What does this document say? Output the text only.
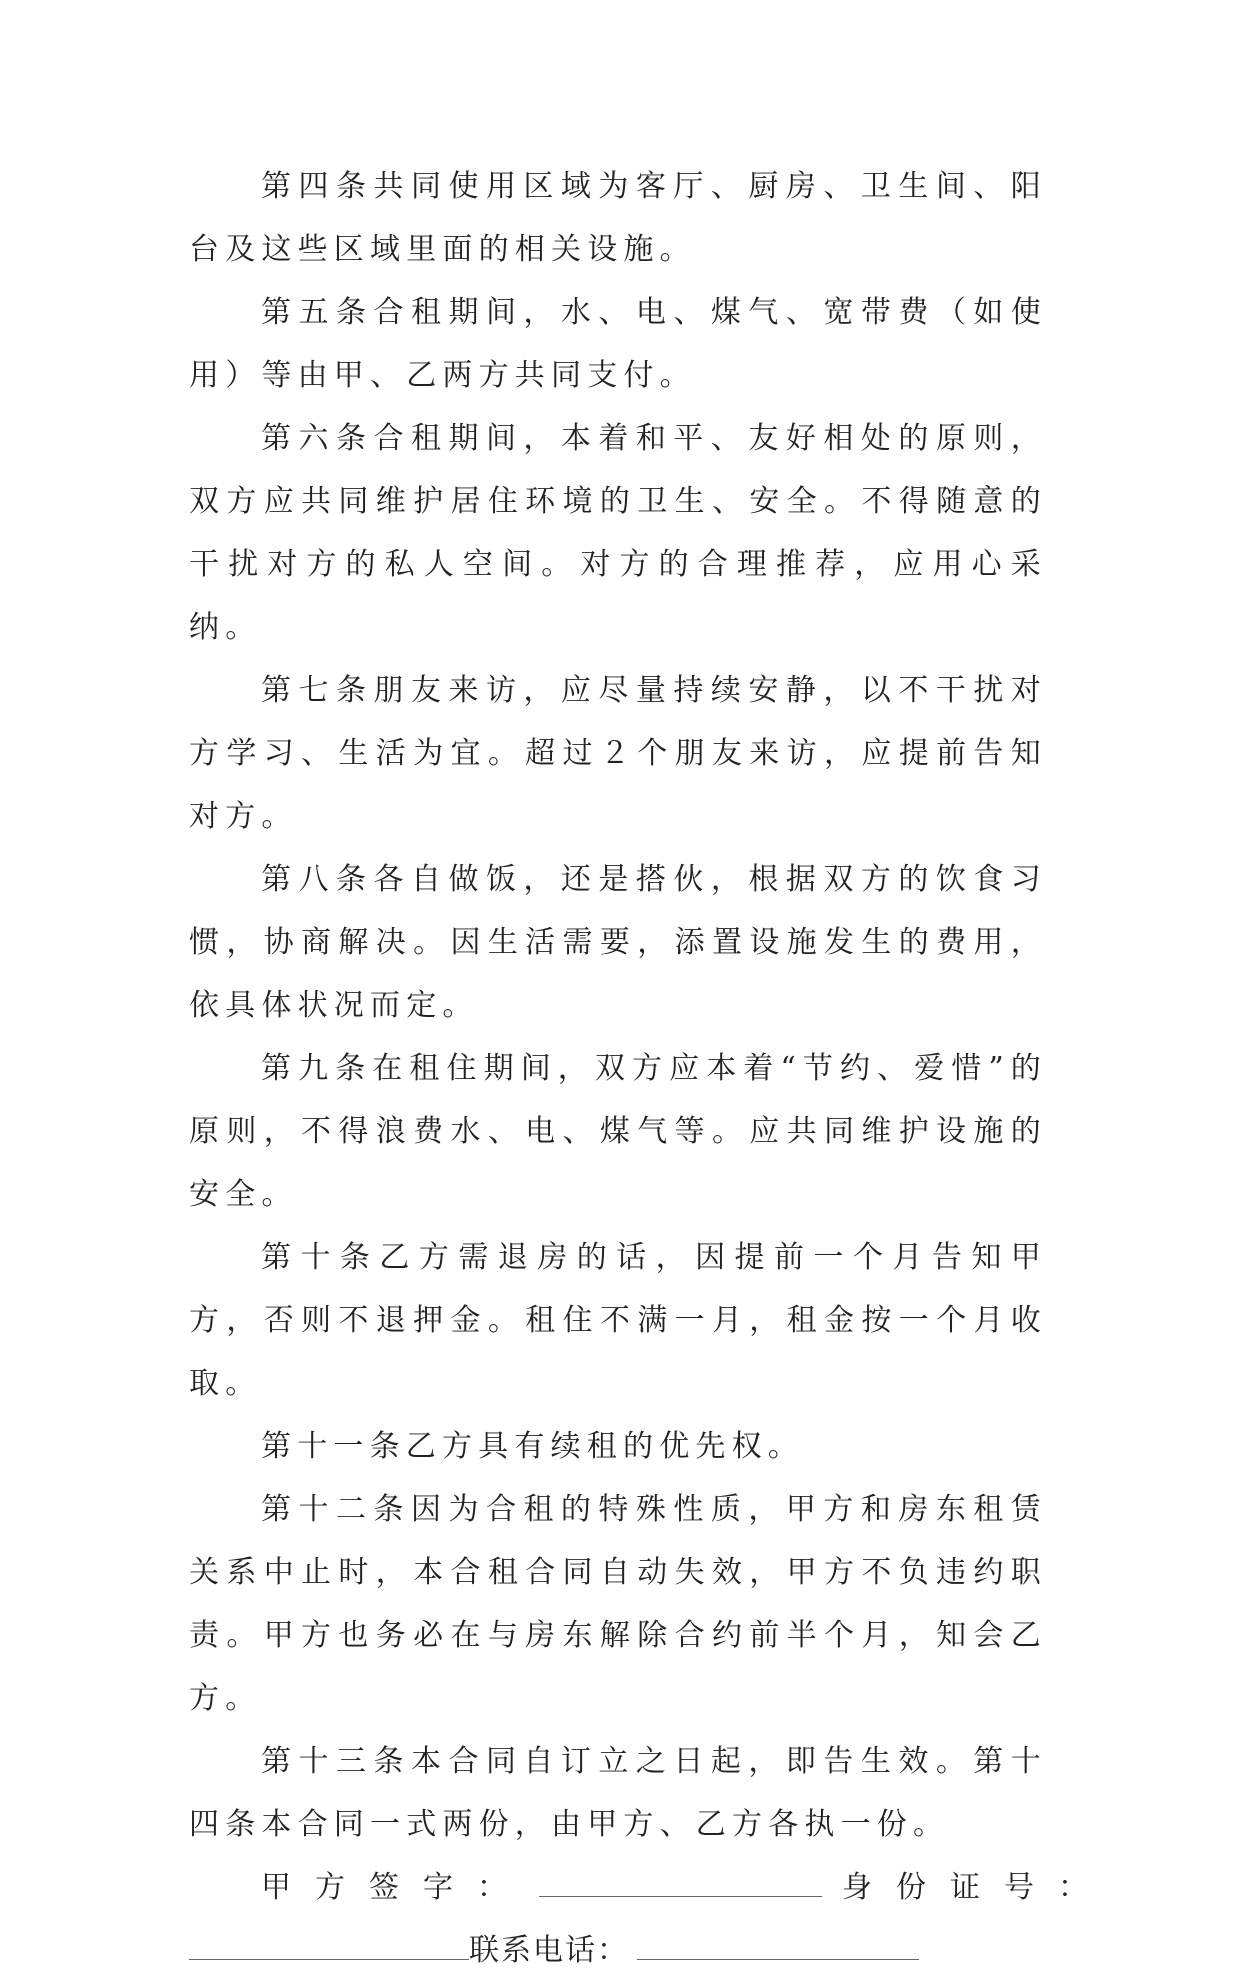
第四条共同使用区域为客厅、厨房、卫生间、阳台及这些区域里面的相关设施。

第五条合租期间，水、电、煤气、宽带费（如使用）等由甲、乙两方共同支付。

第六条合租期间，本着和平、友好相处的原则，双方应共同维护居住环境的卫生、安全。不得随意的干扰对方的私人空间。对方的合理推荐，应用心采纳。

第七条朋友来访，应尽量持续安静，以不干扰对方学习、生活为宜。超过２个朋友来访，应提前告知对方。

第八条各自做饭，还是搭伙，根据双方的饮食习惯，协商解决。因生活需要，添置设施发生的费用，依具体状况而定。

第九条在租住期间，双方应本着“节约、爱惜”的原则，不得浪费水、电、煤气等。应共同维护设施的安全。

第十条乙方需退房的话，因提前一个月告知甲方，否则不退押金。租住不满一月，租金按一个月收取。

第十一条乙方具有续租的优先权。

第十二条因为合租的特殊性质，甲方和房东租赁关系中止时，本合租合同自动失效，甲方不负违约职责。甲方也务必在与房东解除合约前半个月，知会乙方。

第十三条本合同自订立之日起，即告生效。第十四条本合同一式两份，由甲方、乙方各执一份。

甲方签字：	身份证号：

联系电话：
